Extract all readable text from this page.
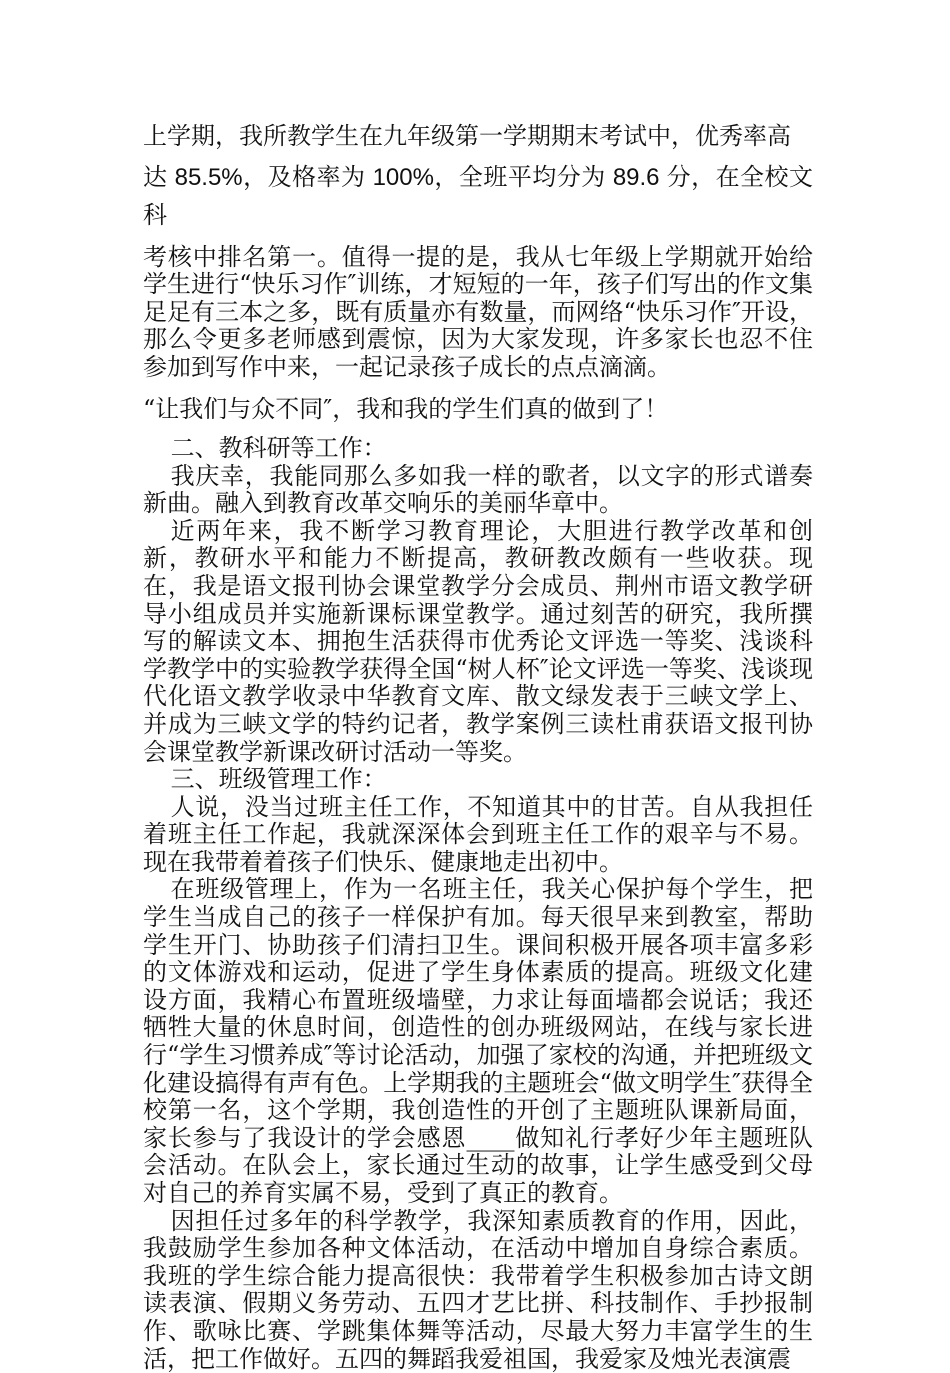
上学期，我所教学生在九年级第一学期期末考试中，优秀率高

达 85.5%，及格率为 100%，全班平均分为 89.6 分，在全校文科

考核中排名第一。值得一提的是，我从七年级上学期就开始给学生进行“快乐习作″训练，才短短的一年，孩子们写出的作文集足足有三本之多，既有质量亦有数量，而网络“快乐习作″开设，那么令更多老师感到震惊，因为大家发现，许多家长也忍不住参加到写作中来，一起记录孩子成长的点点滴滴。

“让我们与众不同″，我和我的学生们真的做到了！

二、教科研等工作：

我庆幸，我能同那么多如我一样的歌者，以文字的形式谱奏新曲。融入到教育改革交响乐的美丽华章中。

近两年来，我不断学习教育理论，大胆进行教学改革和创新，教研水平和能力不断提高，教研教改颇有一些收获。现在，我是语文报刊协会课堂教学分会成员、荆州市语文教学研导小组成员并实施新课标课堂教学。通过刻苦的研究，我所撰写的解读文本、拥抱生活获得市优秀论文评选一等奖、浅谈科学教学中的实验教学获得全国“树人杯″论文评选一等奖、浅谈现代化语文教学收录中华教育文库、散文绿发表于三峡文学上、并成为三峡文学的特约记者，教学案例三读杜甫获语文报刊协会课堂教学新课改研讨活动一等奖。

三、班级管理工作：

人说，没当过班主任工作，不知道其中的甘苦。自从我担任着班主任工作起，我就深深体会到班主任工作的艰辛与不易。现在我带着着孩子们快乐、健康地走出初中。

在班级管理上，作为一名班主任，我关心保护每个学生，把学生当成自己的孩子一样保护有加。每天很早来到教室，帮助学生开门、协助孩子们清扫卫生。课间积极开展各项丰富多彩的文体游戏和运动，促进了学生身体素质的提高。班级文化建设方面，我精心布置班级墙壁，力求让每面墙都会说话；我还牺牲大量的休息时间，创造性的创办班级网站，在线与家长进行“学生习惯养成″等讨论活动，加强了家校的沟通，并把班级文化建设搞得有声有色。上学期我的主题班会“做文明学生″获得全校第一名，这个学期，我创造性的开创了主题班队课新局面，家长参与了我设计的学会感恩____做知礼行孝好少年主题班队会活动。在队会上，家长通过生动的故事，让学生感受到父母对自己的养育实属不易，受到了真正的教育。

因担任过多年的科学教学，我深知素质教育的作用，因此，我鼓励学生参加各种文体活动，在活动中增加自身综合素质。我班的学生综合能力提高很快：我带着学生积极参加古诗文朗读表演、假期义务劳动、五四才艺比拼、科技制作、手抄报制作、歌咏比赛、学跳集体舞等活动，尽最大努力丰富学生的生活，把工作做好。五四的舞蹈我爱祖国，我爱家及烛光表演震
